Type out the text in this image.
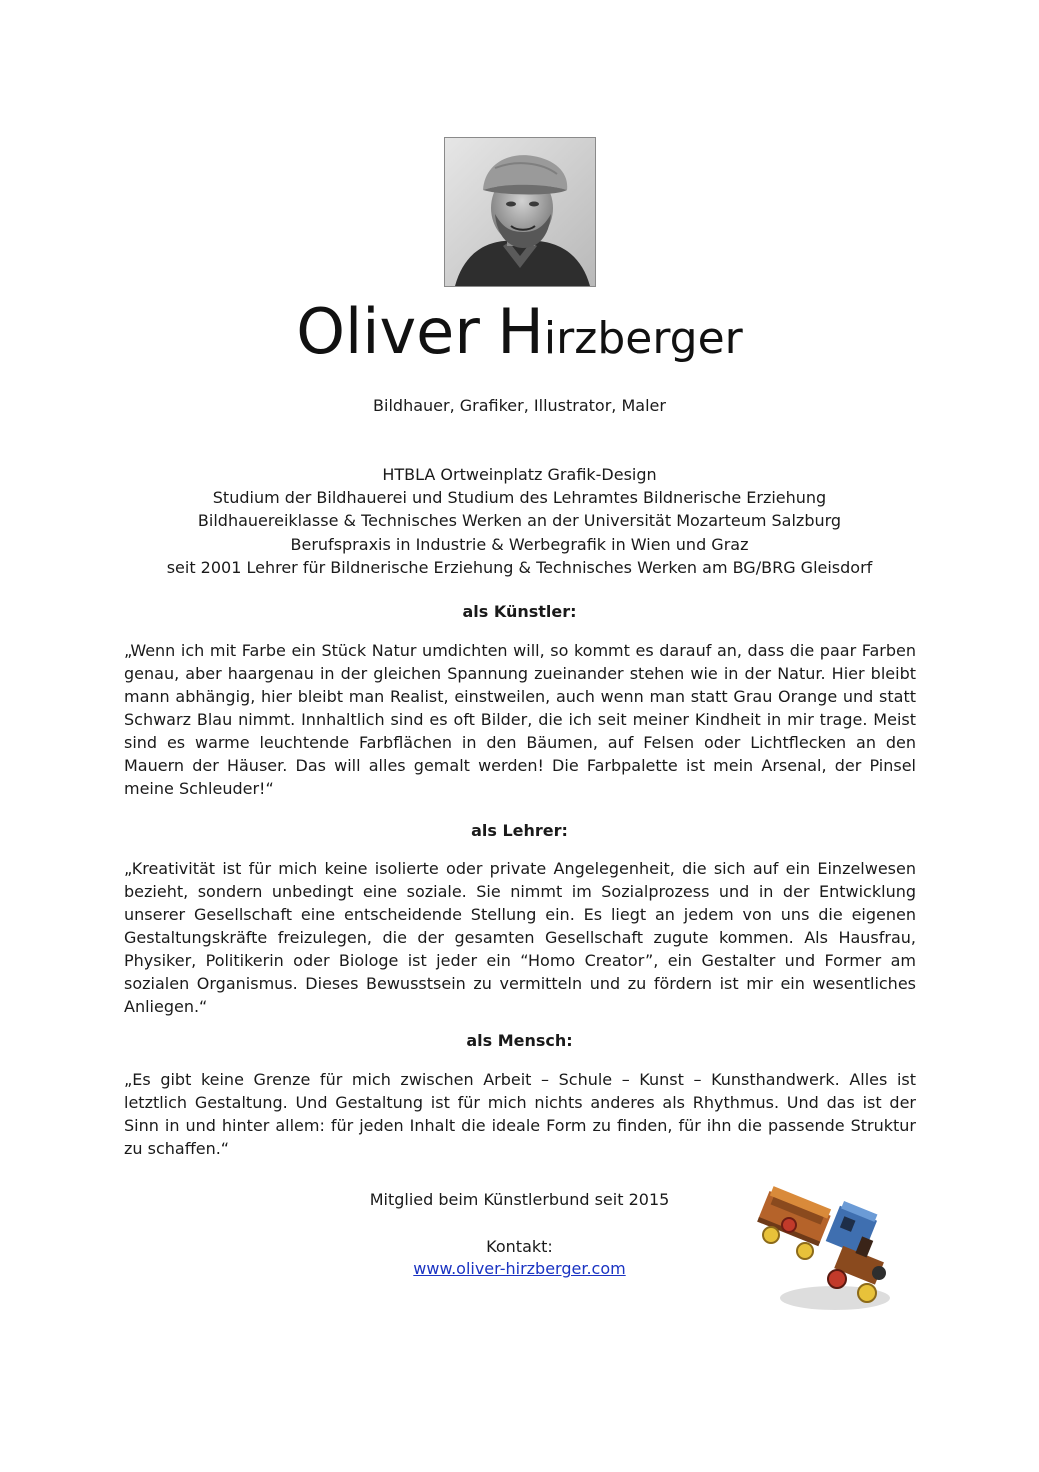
Oliver Hirzberger
Bildhauer, Grafiker, Illustrator, Maler
HTBLA Ortweinplatz Grafik-Design
Studium der Bildhauerei und Studium des Lehramtes Bildnerische Erziehung
Bildhauereiklasse & Technisches Werken an der Universität Mozarteum Salzburg
Berufspraxis in Industrie & Werbegrafik in Wien und Graz
seit 2001 Lehrer für Bildnerische Erziehung & Technisches Werken am BG/BRG Gleisdorf
als Künstler:
„Wenn ich mit Farbe ein Stück Natur umdichten will, so kommt es darauf an, dass die paar Farben genau, aber haargenau in der gleichen Spannung zueinander stehen wie in der Natur. Hier bleibt mann abhängig, hier bleibt man Realist, einstweilen, auch wenn man statt Grau Orange und statt Schwarz Blau nimmt. Innhaltlich sind es oft Bilder, die ich seit meiner Kindheit in mir trage. Meist sind es warme leuchtende Farbflächen in den Bäumen, auf Felsen oder Lichtflecken an den Mauern der Häuser. Das will alles gemalt werden! Die Farbpalette ist mein Arsenal, der Pinsel meine Schleuder!“
als Lehrer:
„Kreativität ist für mich keine isolierte oder private Angelegenheit, die sich auf ein Einzelwesen bezieht, sondern unbedingt eine soziale. Sie nimmt im Sozialprozess und in der Entwicklung unserer Gesellschaft eine entscheidende Stellung ein. Es liegt an jedem von uns die eigenen Gestaltungskräfte freizulegen, die der gesamten Gesellschaft zugute kommen. Als Hausfrau, Physiker, Politikerin oder Biologe ist jeder ein “Homo Creator”, ein Gestalter und Former am sozialen Organismus. Dieses Bewusstsein zu vermitteln und zu fördern ist mir ein wesentliches Anliegen.“
als Mensch:
„Es gibt keine Grenze für mich zwischen Arbeit – Schule – Kunst – Kunsthandwerk. Alles ist letztlich Gestaltung. Und Gestaltung ist für mich nichts anderes als Rhythmus. Und das ist der Sinn in und hinter allem: für jeden Inhalt die ideale Form zu finden, für ihn die passende Struktur zu schaffen.“
Mitglied beim Künstlerbund seit 2015
Kontakt:
www.oliver-hirzberger.com
